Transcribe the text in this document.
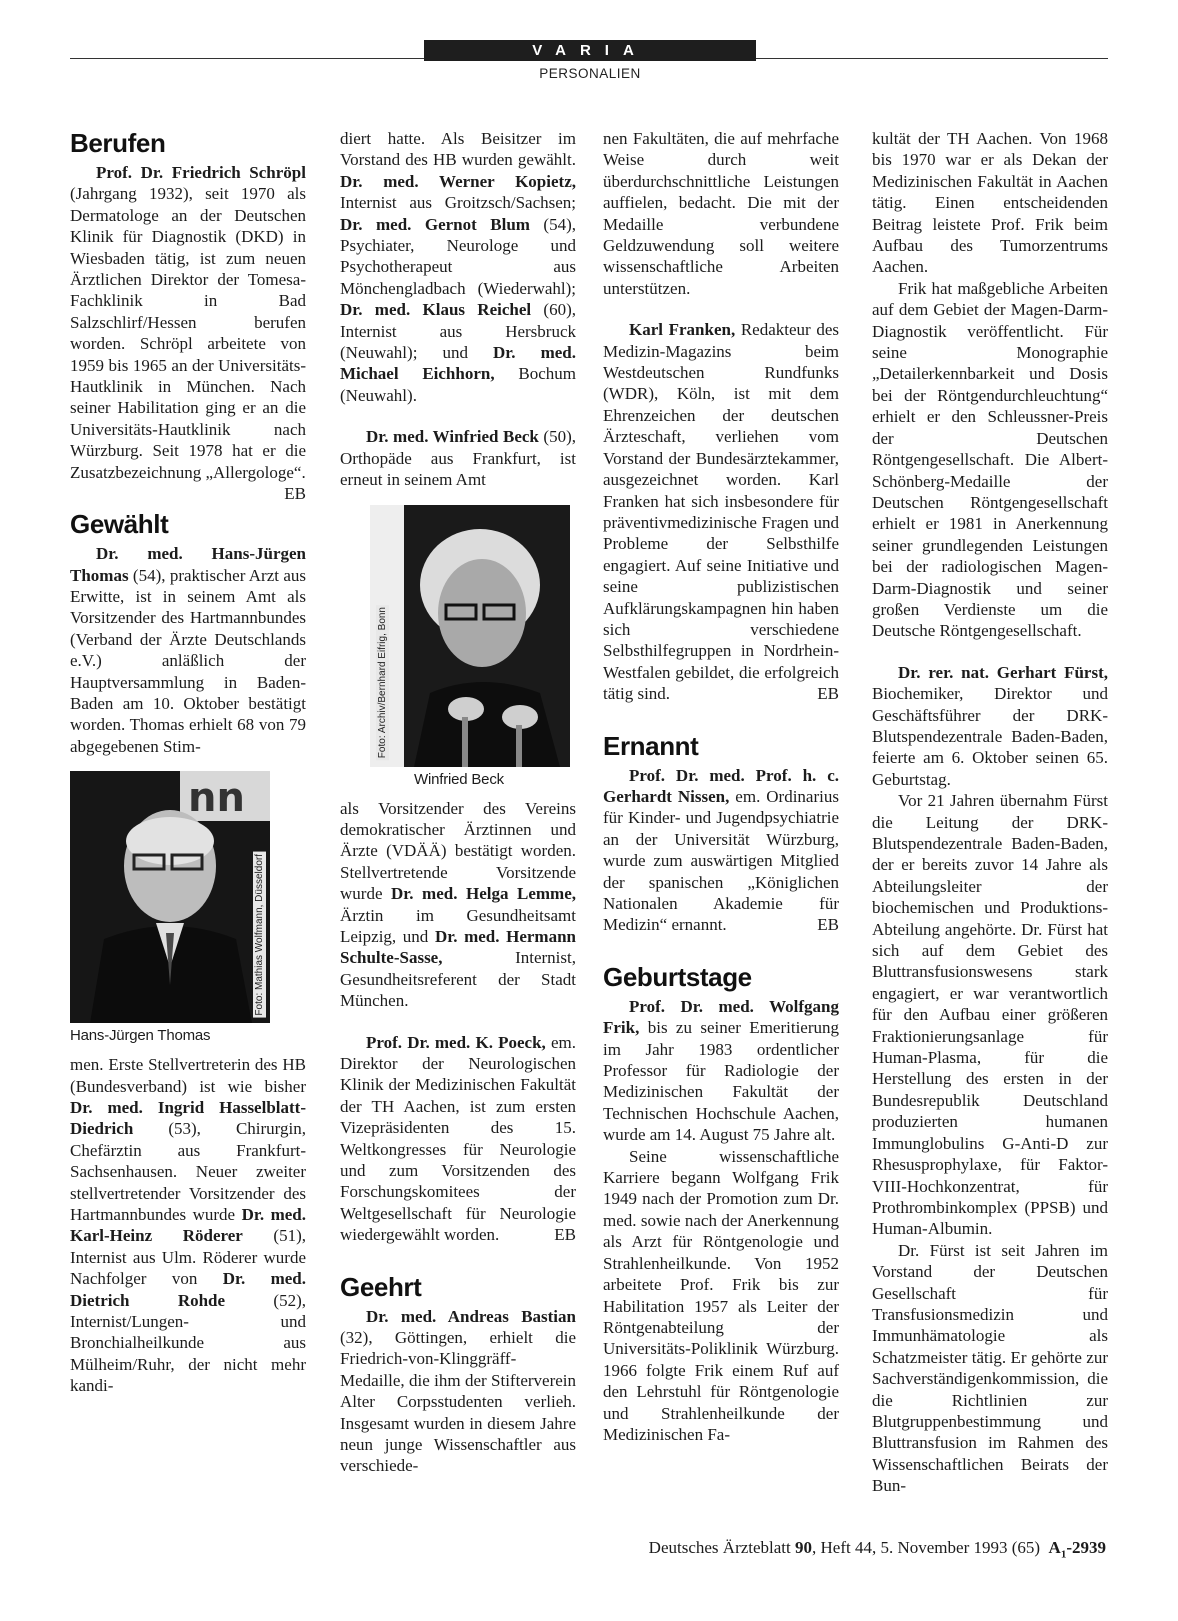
VARIA
PERSONALIEN
Berufen

Prof. Dr. Friedrich Schröpl (Jahrgang 1932), seit 1970 als Dermatologe an der Deutschen Klinik für Diagnostik (DKD) in Wiesbaden tätig, ist zum neuen Ärztlichen Direktor der Tomesa-Fachklinik in Bad Salzschlirf/Hessen berufen worden. Schröpl arbeitete von 1959 bis 1965 an der Universitäts-Hautklinik in München. Nach seiner Habilitation ging er an die Universitäts-Hautklinik nach Würzburg. Seit 1978 hat er die Zusatzbezeichnung „Allergologe“.
EB

Gewählt

Dr. med. Hans-Jürgen Thomas (54), praktischer Arzt aus Erwitte, ist in seinem Amt als Vorsitzender des Hartmannbundes (Verband der Ärzte Deutschlands e.V.) anläßlich der Hauptversammlung in Baden-Baden am 10. Oktober bestätigt worden. Thomas erhielt 68 von 79 abgegebenen Stim-

nn
Foto: Mathias Wolfmann, Düsseldorf
Hans-Jürgen Thomas

men. Erste Stellvertreterin des HB (Bundesverband) ist wie bisher Dr. med. Ingrid Hasselblatt-Diedrich (53), Chirurgin, Chefärztin aus Frankfurt-Sachsenhausen. Neuer zweiter stellvertretender Vorsitzender des Hartmannbundes wurde Dr. med. Karl-Heinz Röderer (51), Internist aus Ulm. Röderer wurde Nachfolger von Dr. med. Dietrich Rohde (52), Internist/Lungen- und Bronchialheilkunde aus Mülheim/Ruhr, der nicht mehr kandi-

diert hatte. Als Beisitzer im Vorstand des HB wurden gewählt. Dr. med. Werner Kopietz, Internist aus Groitzsch/Sachsen; Dr. med. Gernot Blum (54), Psychiater, Neurologe und Psychotherapeut aus Mönchengladbach (Wiederwahl); Dr. med. Klaus Reichel (60), Internist aus Hersbruck (Neuwahl); und Dr. med. Michael Eichhorn, Bochum (Neuwahl).

Dr. med. Winfried Beck (50), Orthopäde aus Frankfurt, ist erneut in seinem Amt

Foto: Archiv/Bernhard Eifrig, Bonn
Winfried Beck

als Vorsitzender des Vereins demokratischer Ärztinnen und Ärzte (VDÄÄ) bestätigt worden. Stellvertretende Vorsitzende wurde Dr. med. Helga Lemme, Ärztin im Gesundheitsamt Leipzig, und Dr. med. Hermann Schulte-Sasse, Internist, Gesundheitsreferent der Stadt München.

Prof. Dr. med. K. Poeck, em. Direktor der Neurologischen Klinik der Medizinischen Fakultät der TH Aachen, ist zum ersten Vizepräsidenten des 15. Weltkongresses für Neurologie und zum Vorsitzenden des Forschungskomitees der Weltgesellschaft für Neurologie wiedergewählt worden.	EB

Geehrt

Dr. med. Andreas Bastian (32), Göttingen, erhielt die Friedrich-von-Klinggräff-Medaille, die ihm der Stifterverein Alter Corpsstudenten verlieh. Insgesamt wurden in diesem Jahre neun junge Wissenschaftler aus verschiede-

nen Fakultäten, die auf mehrfache Weise durch weit überdurchschnittliche Leistungen auffielen, bedacht. Die mit der Medaille verbundene Geldzuwendung soll weitere wissenschaftliche Arbeiten unterstützen.

Karl Franken, Redakteur des Medizin-Magazins beim Westdeutschen Rundfunks (WDR), Köln, ist mit dem Ehrenzeichen der deutschen Ärzteschaft, verliehen vom Vorstand der Bundesärztekammer, ausgezeichnet worden. Karl Franken hat sich insbesondere für präventivmedizinische Fragen und Probleme der Selbsthilfe engagiert. Auf seine Initiative und seine publizistischen Aufklärungskampagnen hin haben sich verschiedene Selbsthilfegruppen in Nordrhein-Westfalen gebildet, die erfolgreich tätig sind.	EB

Ernannt

Prof. Dr. med. Prof. h. c. Gerhardt Nissen, em. Ordinarius für Kinder- und Jugendpsychiatrie an der Universität Würzburg, wurde zum auswärtigen Mitglied der spanischen „Königlichen Nationalen Akademie für Medizin“ ernannt.	EB

Geburtstage

Prof. Dr. med. Wolfgang Frik, bis zu seiner Emeritierung im Jahr 1983 ordentlicher Professor für Radiologie der Medizinischen Fakultät der Technischen Hochschule Aachen, wurde am 14. August 75 Jahre alt.

Seine wissenschaftliche Karriere begann Wolfgang Frik 1949 nach der Promotion zum Dr. med. sowie nach der Anerkennung als Arzt für Röntgenologie und Strahlenheilkunde. Von 1952 arbeitete Prof. Frik bis zur Habilitation 1957 als Leiter der Röntgenabteilung der Universitäts-Poliklinik Würzburg. 1966 folgte Frik einem Ruf auf den Lehrstuhl für Röntgenologie und Strahlenheilkunde der Medizinischen Fa-

kultät der TH Aachen. Von 1968 bis 1970 war er als Dekan der Medizinischen Fakultät in Aachen tätig. Einen entscheidenden Beitrag leistete Prof. Frik beim Aufbau des Tumorzentrums Aachen.

Frik hat maßgebliche Arbeiten auf dem Gebiet der Magen-Darm-Diagnostik veröffentlicht. Für seine Monographie „Detailerkennbarkeit und Dosis bei der Röntgendurchleuchtung“ erhielt er den Schleussner-Preis der Deutschen Röntgengesellschaft. Die Albert-Schönberg-Medaille der Deutschen Röntgengesellschaft erhielt er 1981 in Anerkennung seiner grundlegenden Leistungen bei der radiologischen Magen-Darm-Diagnostik und seiner großen Verdienste um die Deutsche Röntgengesellschaft.

Dr. rer. nat. Gerhart Fürst, Biochemiker, Direktor und Geschäftsführer der DRK-Blutspendezentrale Baden-Baden, feierte am 6. Oktober seinen 65. Geburtstag.

Vor 21 Jahren übernahm Fürst die Leitung der DRK-Blutspendezentrale Baden-Baden, der er bereits zuvor 14 Jahre als Abteilungsleiter der biochemischen und Produktions-Abteilung angehörte. Dr. Fürst hat sich auf dem Gebiet des Bluttransfusionswesens stark engagiert, er war verantwortlich für den Aufbau einer größeren Fraktionierungsanlage für Human-Plasma, für die Herstellung des ersten in der Bundesrepublik Deutschland produzierten humanen Immunglobulins G-Anti-D zur Rhesusprophylaxe, für Faktor-VIII-Hochkonzentrat, für Prothrombinkomplex (PPSB) und Human-Albumin.

Dr. Fürst ist seit Jahren im Vorstand der Deutschen Gesellschaft für Transfusionsmedizin und Immunhämatologie als Schatzmeister tätig. Er gehörte zur Sachverständigenkommission, die die Richtlinien zur Blutgruppenbestimmung und Bluttransfusion im Rahmen des Wissenschaftlichen Beirats der Bun-

Deutsches Ärzteblatt 90, Heft 44, 5. November 1993 (65)  $A_1-2939$
